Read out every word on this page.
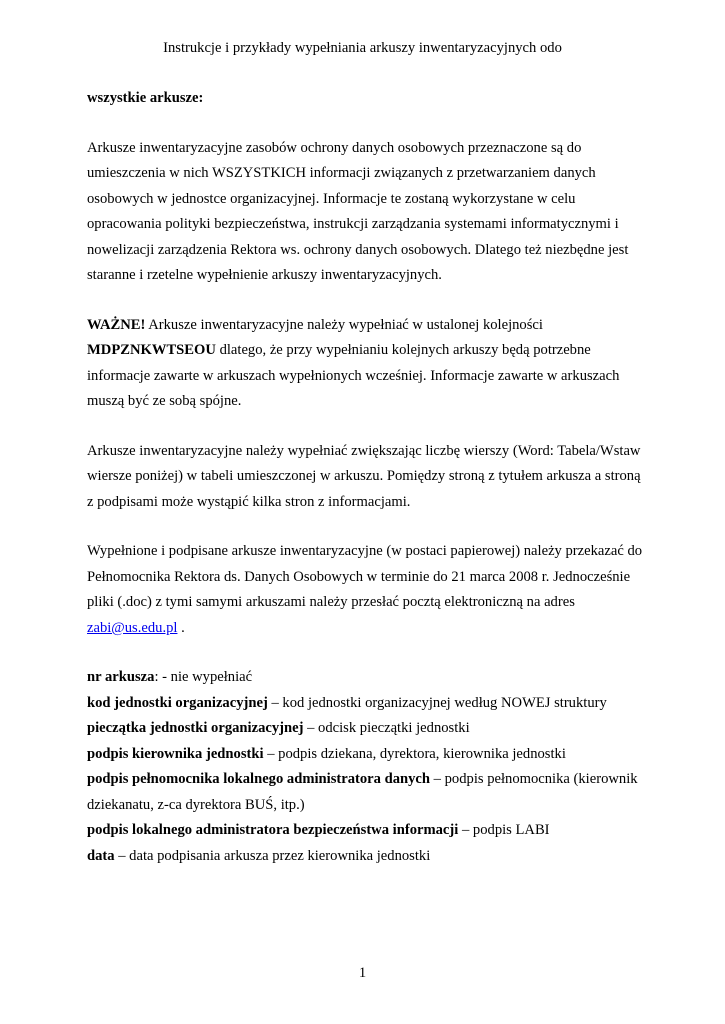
Instrukcje i przykłady wypełniania arkuszy inwentaryzacyjnych odo

wszystkie arkusze:

Arkusze inwentaryzacyjne zasobów ochrony danych osobowych przeznaczone są do umieszczenia w nich WSZYSTKICH informacji związanych z przetwarzaniem danych osobowych w jednostce organizacyjnej. Informacje te zostaną wykorzystane w celu opracowania polityki bezpieczeństwa, instrukcji zarządzania systemami informatycznymi i nowelizacji zarządzenia Rektora ws. ochrony danych osobowych. Dlatego też niezbędne jest staranne i rzetelne wypełnienie arkuszy inwentaryzacyjnych.

WAŻNE! Arkusze inwentaryzacyjne należy wypełniać w ustalonej kolejności MDPZNKWTSEOU dlatego, że przy wypełnianiu kolejnych arkuszy będą potrzebne informacje zawarte w arkuszach wypełnionych wcześniej. Informacje zawarte w arkuszach muszą być ze sobą spójne.

Arkusze inwentaryzacyjne należy wypełniać zwiększając liczbę wierszy (Word: Tabela/Wstaw wiersze poniżej) w tabeli umieszczonej w arkuszu. Pomiędzy stroną z tytułem arkusza a stroną z podpisami może wystąpić kilka stron z informacjami.

Wypełnione i podpisane arkusze inwentaryzacyjne (w postaci papierowej) należy przekazać do Pełnomocnika Rektora ds. Danych Osobowych w terminie do 21 marca 2008 r. Jednocześnie pliki (.doc) z tymi samymi arkuszami należy przesłać pocztą elektroniczną na adres zabi@us.edu.pl .

nr arkusza: - nie wypełniać

kod jednostki organizacyjnej – kod jednostki organizacyjnej według NOWEJ struktury

pieczątka jednostki organizacyjnej – odcisk pieczątki jednostki

podpis kierownika jednostki – podpis dziekana, dyrektora, kierownika jednostki

podpis pełnomocnika lokalnego administratora danych – podpis pełnomocnika (kierownik dziekanatu, z-ca dyrektora BUŚ, itp.)

podpis lokalnego administratora bezpieczeństwa informacji – podpis LABI

data – data podpisania arkusza przez kierownika jednostki

1
